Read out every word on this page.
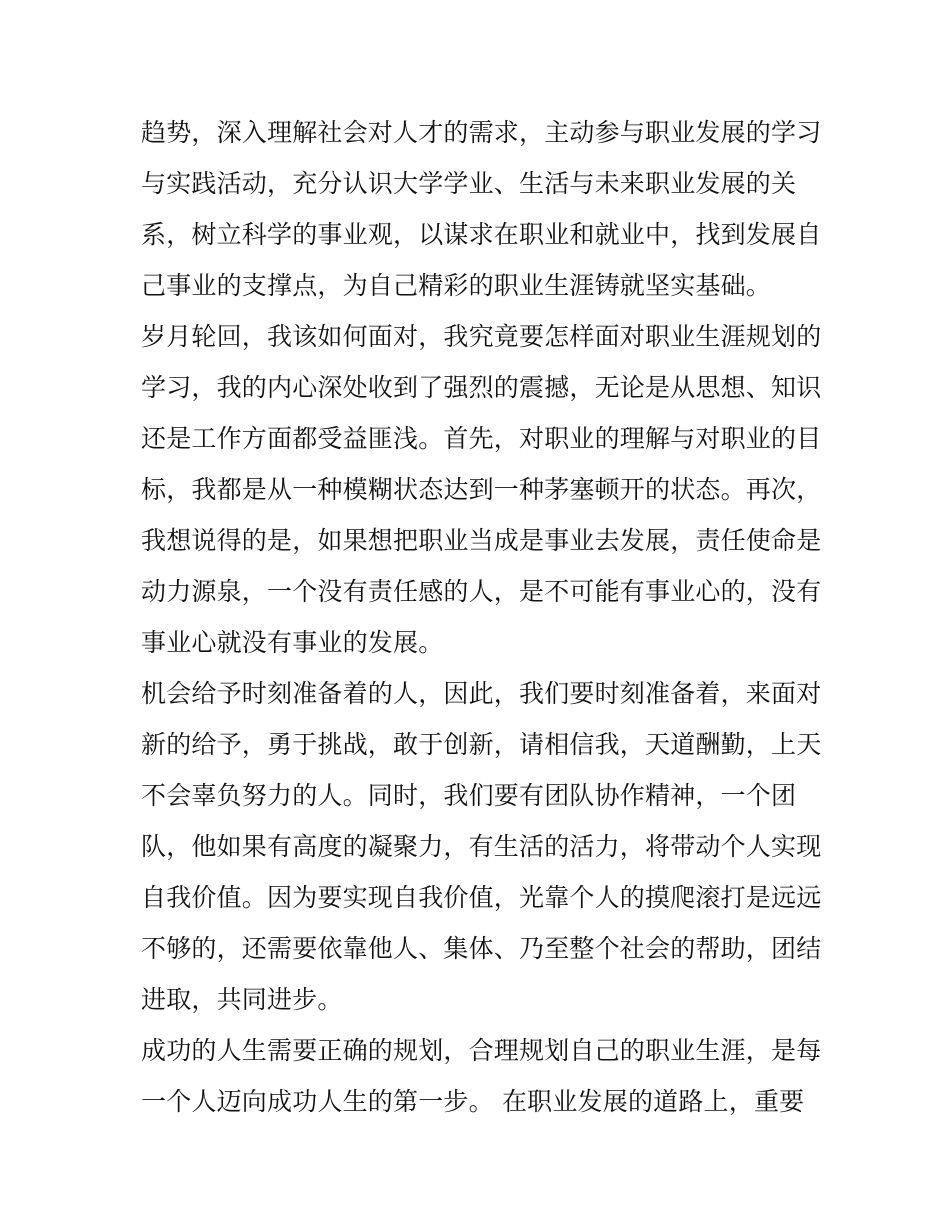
趋势，深入理解社会对人才的需求，主动参与职业发展的学习
与实践活动，充分认识大学学业、生活与未来职业发展的关
系，树立科学的事业观，以谋求在职业和就业中，找到发展自
己事业的支撑点，为自己精彩的职业生涯铸就坚实基础。
岁月轮回，我该如何面对，我究竟要怎样面对职业生涯规划的
学习，我的内心深处收到了强烈的震撼，无论是从思想、知识
还是工作方面都受益匪浅。首先，对职业的理解与对职业的目
标，我都是从一种模糊状态达到一种茅塞顿开的状态。再次，
我想说得的是，如果想把职业当成是事业去发展，责任使命是
动力源泉，一个没有责任感的人，是不可能有事业心的，没有
事业心就没有事业的发展。
机会给予时刻准备着的人，因此，我们要时刻准备着，来面对
新的给予，勇于挑战，敢于创新，请相信我，天道酬勤，上天
不会辜负努力的人。同时，我们要有团队协作精神，一个团
队，他如果有高度的凝聚力，有生活的活力，将带动个人实现
自我价值。因为要实现自我价值，光靠个人的摸爬滚打是远远
不够的，还需要依靠他人、集体、乃至整个社会的帮助，团结
进取，共同进步。
成功的人生需要正确的规划，合理规划自己的职业生涯，是每
一个人迈向成功人生的第一步。 在职业发展的道路上，重要
